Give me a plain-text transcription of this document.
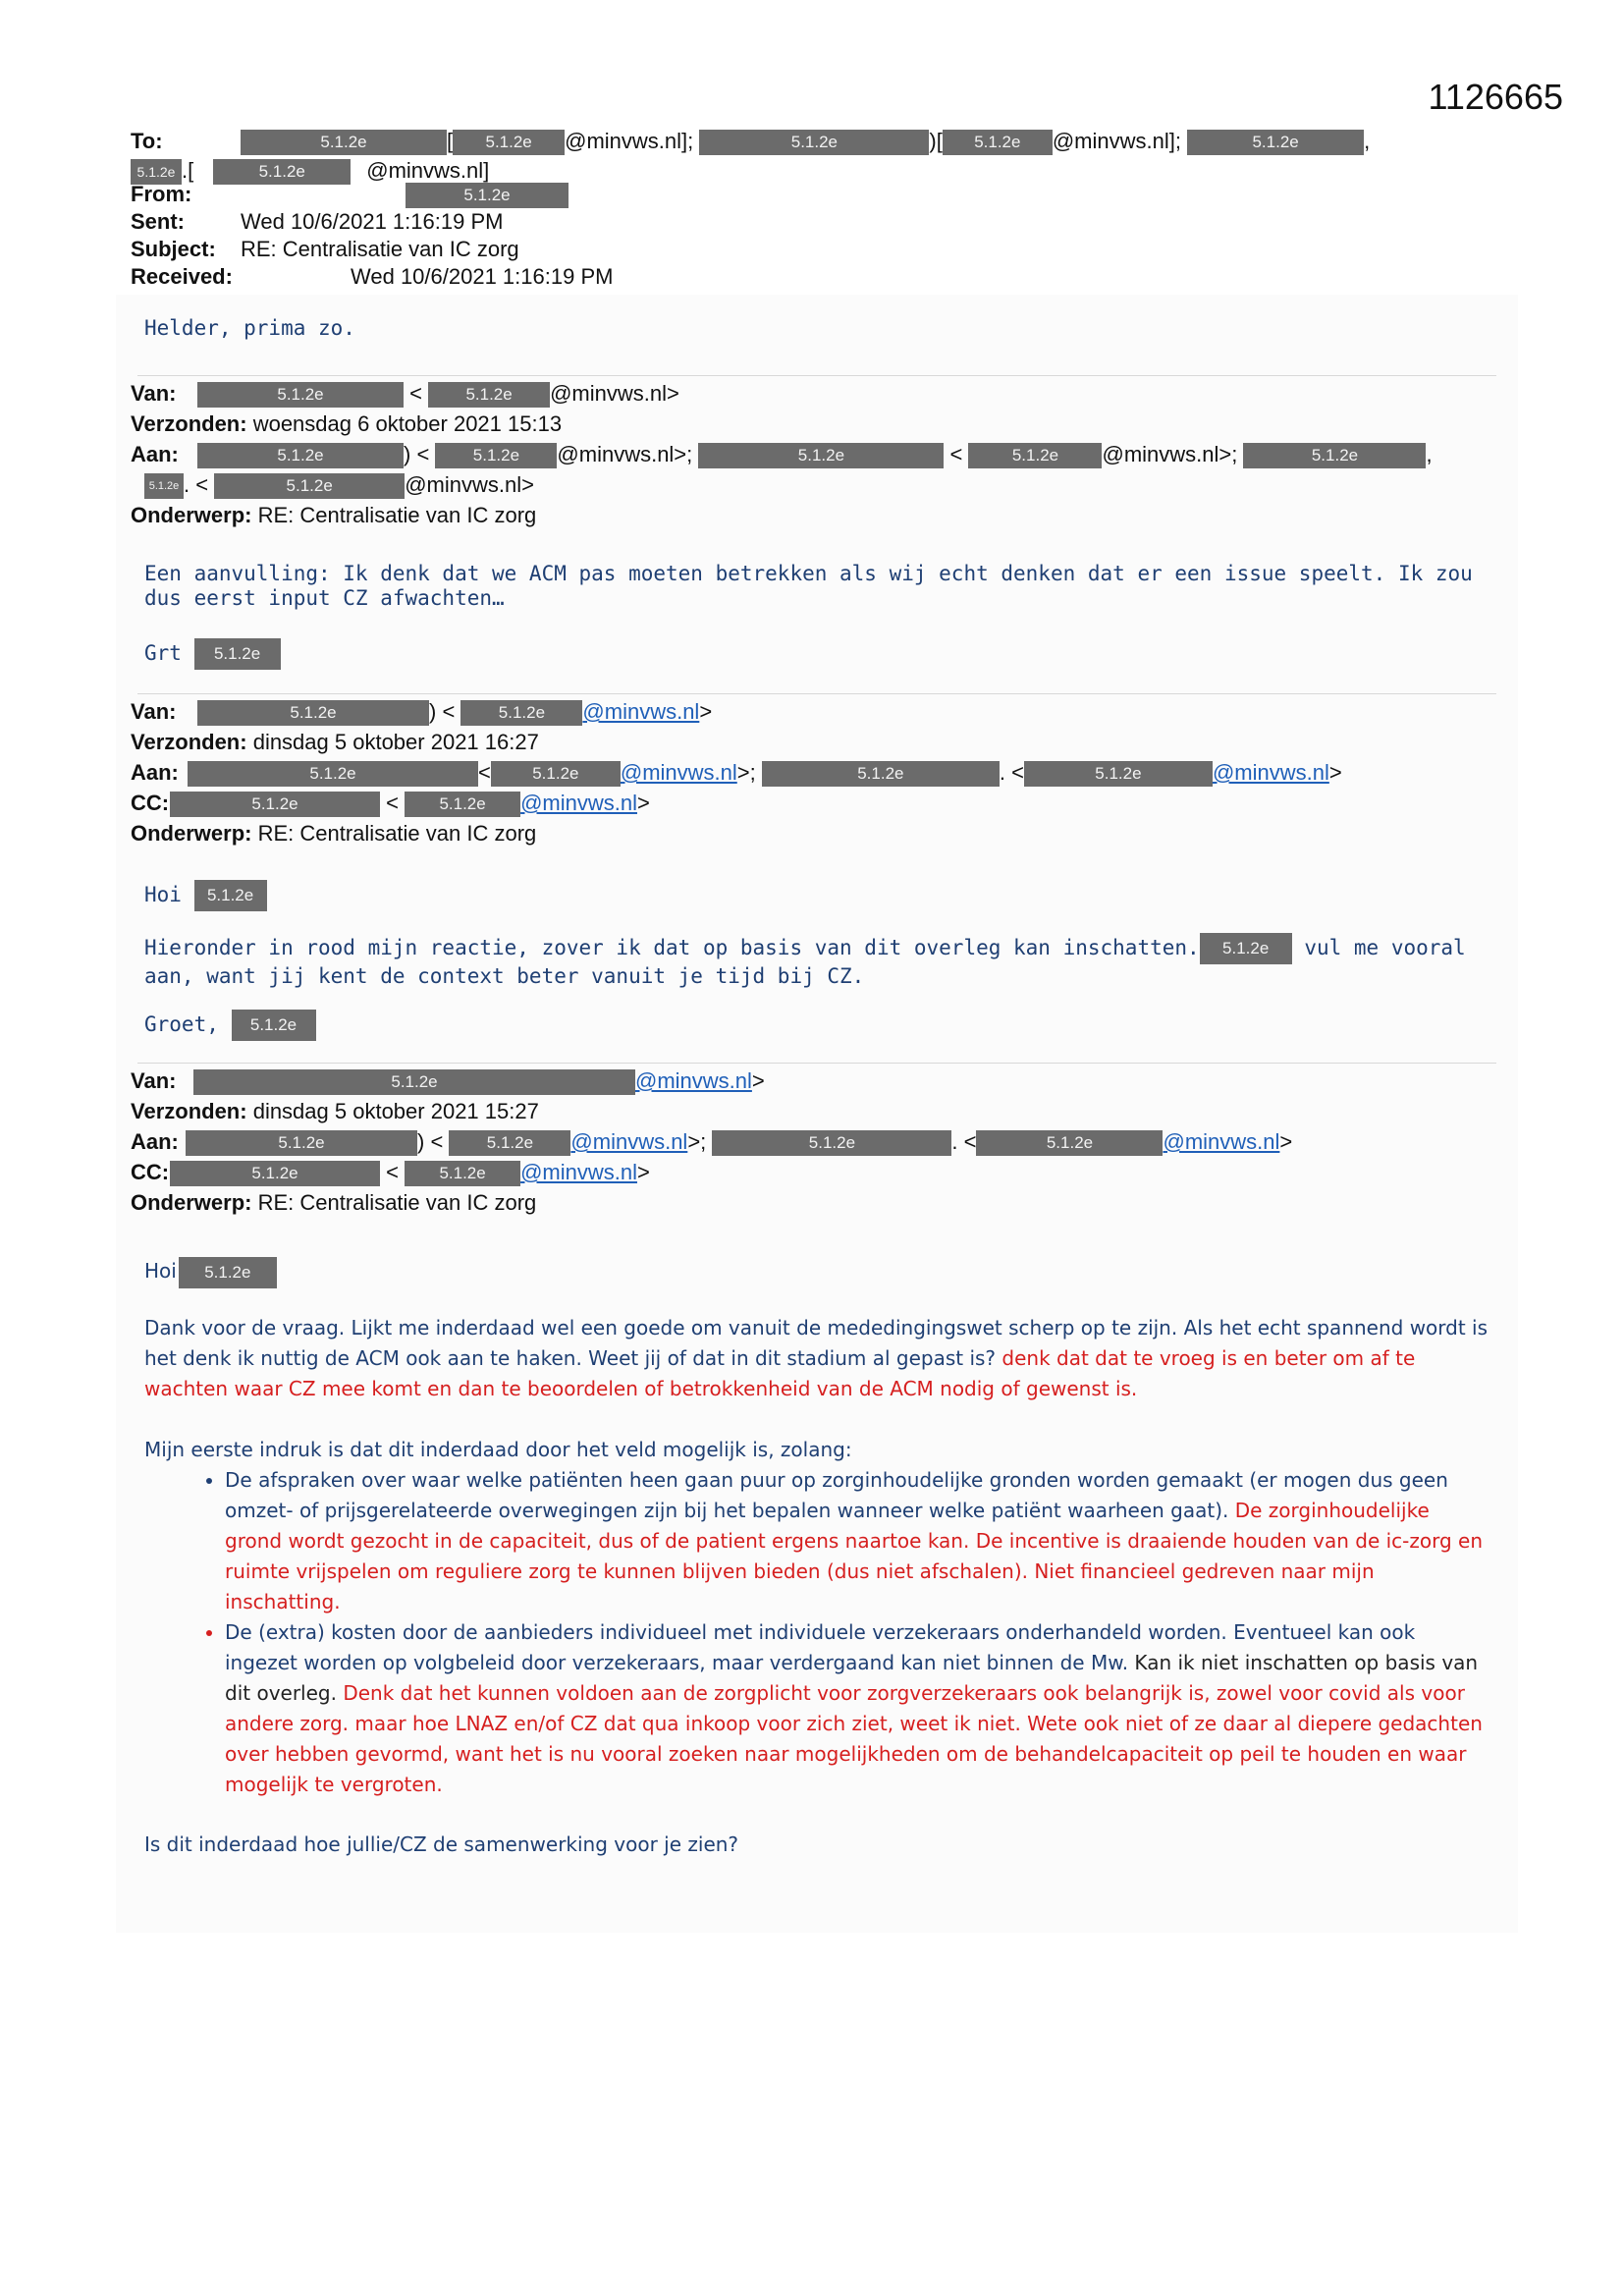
1126665
To:	5.1.2e	[ 5.1.2e @minvws.nl];	5.1.2e	)[ 5.1.2e @minvws.nl];	5.1.2e	,
5.1.2e .[	5.1.2e	@minvws.nl]
From:	5.1.2e
Sent:	Wed 10/6/2021 1:16:19 PM
Subject: RE: Centralisatie van IC zorg
Received:	Wed 10/6/2021 1:16:19 PM
Helder, prima zo.
Van:	5.1.2e	< 5.1.2e @minvws.nl>
Verzonden: woensdag 6 oktober 2021 15:13
Aan:	5.1.2e	) < 5.1.2e @minvws.nl>;	5.1.2e	<	5.1.2e @minvws.nl>;	5.1.2e	,
5.1.2e . <	5.1.2e	@minvws.nl>
Onderwerp: RE: Centralisatie van IC zorg
Een aanvulling: Ik denk dat we ACM pas moeten betrekken als wij echt denken dat er een issue speelt. Ik zou dus eerst input CZ afwachten…
Grt 5.1.2e
Van:	5.1.2e	) < 5.1.2e @minvws.nl>
Verzonden: dinsdag 5 oktober 2021 16:27
Aan:	5.1.2e	< 5.1.2e @minvws.nl>;	5.1.2e	. <	5.1.2e	@minvws.nl>
CC:	5.1.2e	< 5.1.2e @minvws.nl>
Onderwerp: RE: Centralisatie van IC zorg
Hoi 5.1.2e
Hieronder in rood mijn reactie, zover ik dat op basis van dit overleg kan inschatten. 5.1.2e vul me vooral aan, want jij kent de context beter vanuit je tijd bij CZ.
Groet, 5.1.2e
Van:	5.1.2e	@minvws.nl>
Verzonden: dinsdag 5 oktober 2021 15:27
Aan:	5.1.2e	) < 5.1.2e @minvws.nl>;	5.1.2e	. <	5.1.2e	@minvws.nl>
CC:	5.1.2e	< 5.1.2e @minvws.nl>
Onderwerp: RE: Centralisatie van IC zorg
Hoi 5.1.2e
Dank voor de vraag. Lijkt me inderdaad wel een goede om vanuit de mededingingswet scherp op te zijn. Als het echt spannend wordt is het denk ik nuttig de ACM ook aan te haken. Weet jij of dat in dit stadium al gepast is? denk dat dat te vroeg is en beter om af te wachten waar CZ mee komt en dan te beoordelen of betrokkenheid van de ACM nodig of gewenst is.
Mijn eerste indruk is dat dit inderdaad door het veld mogelijk is, zolang:
• De afspraken over waar welke patiënten heen gaan puur op zorginhoudelijke gronden worden gemaakt (er mogen dus geen omzet- of prijsgerelateerde overwegingen zijn bij het bepalen wanneer welke patiënt waarheen gaat). De zorginhoudelijke grond wordt gezocht in de capaciteit, dus of de patient ergens naartoe kan. De incentive is draaiende houden van de ic-zorg en ruimte vrijspelen om reguliere zorg te kunnen blijven bieden (dus niet afschalen). Niet financieel gedreven naar mijn inschatting.
• De (extra) kosten door de aanbieders individueel met individuele verzekeraars onderhandeld worden. Eventueel kan ook ingezet worden op volgbeleid door verzekeraars, maar verdergaand kan niet binnen de Mw. Kan ik niet inschatten op basis van dit overleg. Denk dat het kunnen voldoen aan de zorgplicht voor zorgverzekeraars ook belangrijk is, zowel voor covid als voor andere zorg. maar hoe LNAZ en/of CZ dat qua inkoop voor zich ziet, weet ik niet. Wete ook niet of ze daar al diepere gedachten over hebben gevormd, want het is nu vooral zoeken naar mogelijkheden om de behandelcapaciteit op peil te houden en waar mogelijk te vergroten.
Is dit inderdaad hoe jullie/CZ de samenwerking voor je zien?
